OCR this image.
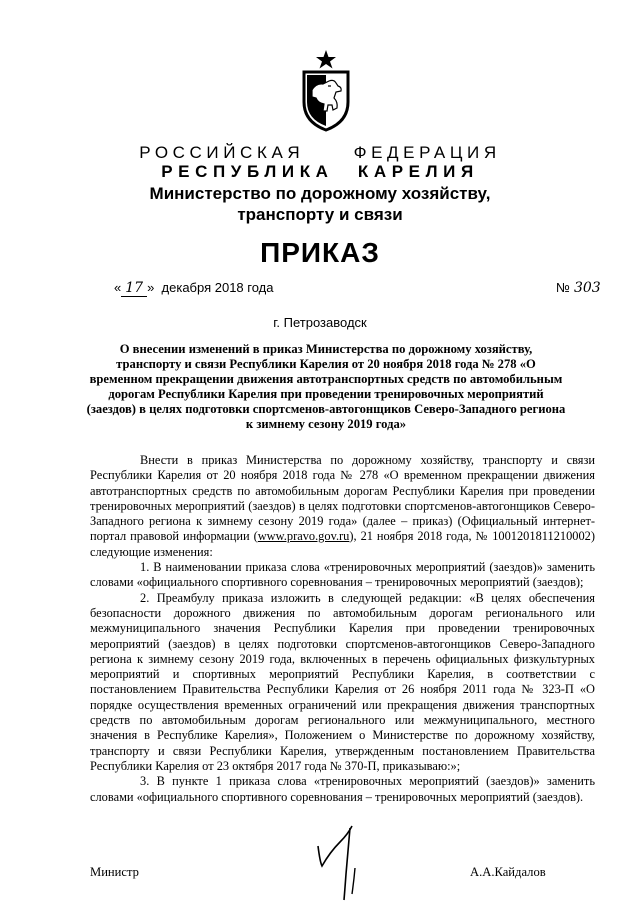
РОССИЙСКАЯ ФЕДЕРАЦИЯ
РЕСПУБЛИКА КАРЕЛИЯ
Министерство по дорожному хозяйству,
транспорту и связи
ПРИКАЗ
« 17 » декабря 2018 года	№ 303
г. Петрозаводск
О внесении изменений в приказ Министерства по дорожному хозяйству, транспорту и связи Республики Карелия от 20 ноября 2018 года № 278 «О временном прекращении движения автотранспортных средств по автомобильным дорогам Республики Карелия при проведении тренировочных мероприятий (заездов) в целях подготовки спортсменов-автогонщиков Северо-Западного региона к зимнему сезону 2019 года»

Внести в приказ Министерства по дорожному хозяйству, транспорту и связи Республики Карелия от 20 ноября 2018 года № 278 «О временном прекращении движения автотранспортных средств по автомобильным дорогам Республики Карелия при проведении тренировочных мероприятий (заездов) в целях подготовки спортсменов-автогонщиков Северо-Западного региона к зимнему сезону 2019 года» (далее – приказ) (Официальный интернет-портал правовой информации (www.pravo.gov.ru), 21 ноября 2018 года, № 1001201811210002) следующие изменения:

1. В наименовании приказа слова «тренировочных мероприятий (заездов)» заменить словами «официального спортивного соревнования – тренировочных мероприятий (заездов);

2. Преамбулу приказа изложить в следующей редакции: «В целях обеспечения безопасности дорожного движения по автомобильным дорогам регионального или межмуниципального значения Республики Карелия при проведении тренировочных мероприятий (заездов) в целях подготовки спортсменов-автогонщиков Северо-Западного региона к зимнему сезону 2019 года, включенных в перечень официальных физкультурных мероприятий и спортивных мероприятий Республики Карелия, в соответствии с постановлением Правительства Республики Карелия от 26 ноября 2011 года № 323-П «О порядке осуществления временных ограничений или прекращения движения транспортных средств по автомобильным дорогам регионального или межмуниципального, местного значения в Республике Карелия», Положением о Министерстве по дорожному хозяйству, транспорту и связи Республики Карелия, утвержденным постановлением Правительства Республики Карелия от 23 октября 2017 года № 370-П, приказываю:»;

3. В пункте 1 приказа слова «тренировочных мероприятий (заездов)» заменить словами «официального спортивного соревнования – тренировочных мероприятий (заездов).

Министр	А.А.Кайдалов
